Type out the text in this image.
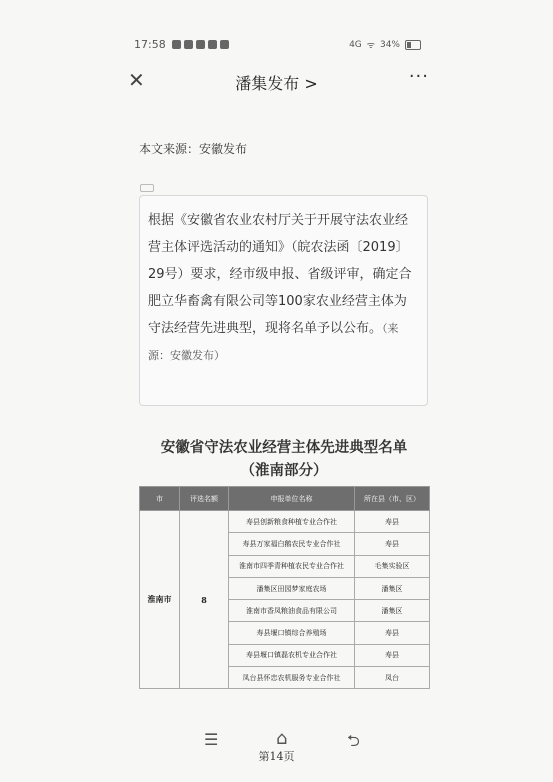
17:58	4G ᯤ 34%
✕	潘集发布 >	···
本文来源：安徽发布
根据《安徽省农业农村厅关于开展守法农业经营主体评选活动的通知》（皖农法函〔2019〕29号）要求，经市级申报、省级评审，确定合肥立华畜禽有限公司等100家农业经营主体为守法经营先进典型，现将名单予以公布。（来源：安徽发布）
安徽省守法农业经营主体先进典型名单
（淮南部分）
市	评选名额	申报单位名称	所在县（市、区）
淮南市	8	寿县创新粮食种植专业合作社	寿县
		寿县万家福白鹅农民专业合作社	寿县
		淮南市四季青种植农民专业合作社	毛集实验区
		潘集区田园梦家庭农场	潘集区
		淮南市香凤粮油食品有限公司	潘集区
		寿县堰口镇综合养殖场	寿县
		寿县堰口镇磊农机专业合作社	寿县
		凤台县怀忠农机服务专业合作社	凤台
☰	⌂	⮌
第14页
